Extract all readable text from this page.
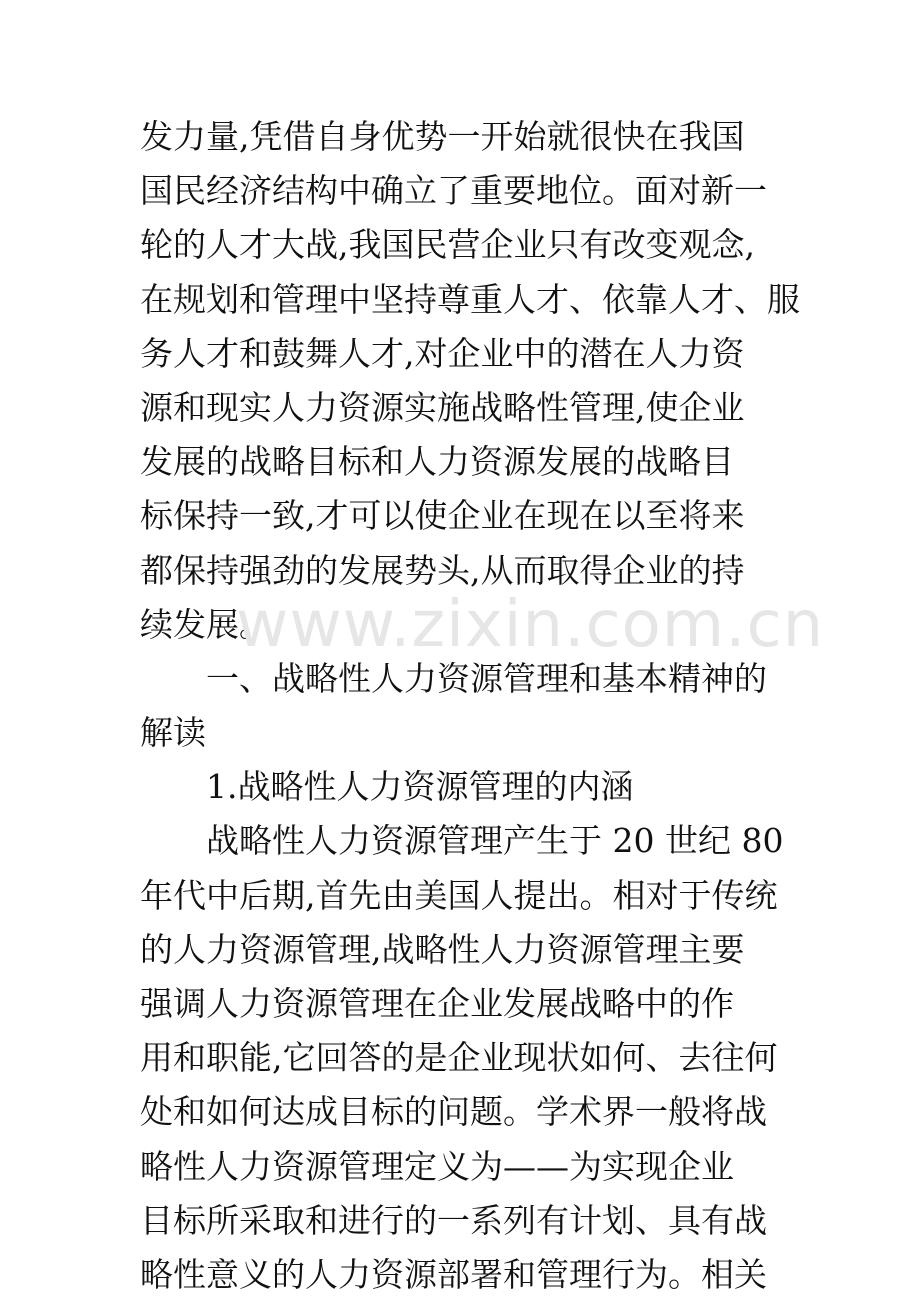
发力量,凭借自身优势一开始就很快在我国
国民经济结构中确立了重要地位。面对新一
轮的人才大战,我国民营企业只有改变观念,
在规划和管理中坚持尊重人才、依靠人才、服
务人才和鼓舞人才,对企业中的潜在人力资
源和现实人力资源实施战略性管理,使企业
发展的战略目标和人力资源发展的战略目
标保持一致,才可以使企业在现在以至将来
都保持强劲的发展势头,从而取得企业的持
续发展。
一、战略性人力资源管理和基本精神的
解读
1.战略性人力资源管理的内涵
战略性人力资源管理产生于 20 世纪 80
年代中后期,首先由美国人提出。相对于传统
的人力资源管理,战略性人力资源管理主要
强调人力资源管理在企业发展战略中的作
用和职能,它回答的是企业现状如何、去往何
处和如何达成目标的问题。学术界一般将战
略性人力资源管理定义为——为实现企业
目标所采取和进行的一系列有计划、具有战
略性意义的人力资源部署和管理行为。相关
www.zixin.com.cn
